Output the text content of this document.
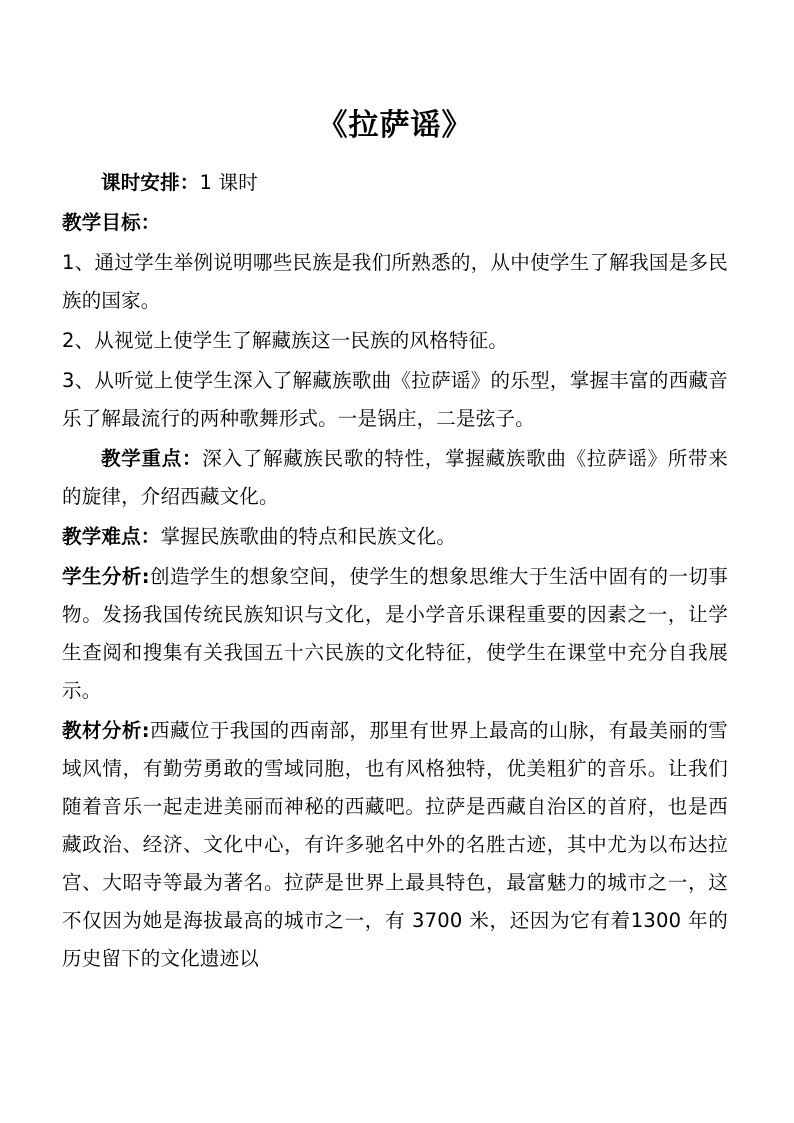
《拉萨谣》

课时安排：1 课时

教学目标：

1、通过学生举例说明哪些民族是我们所熟悉的，从中使学生了解我国是多民族的国家。

2、从视觉上使学生了解藏族这一民族的风格特征。

3、从听觉上使学生深入了解藏族歌曲《拉萨谣》的乐型，掌握丰富的西藏音乐了解最流行的两种歌舞形式。一是锅庄，二是弦子。

教学重点：深入了解藏族民歌的特性，掌握藏族歌曲《拉萨谣》所带来的旋律，介绍西藏文化。

教学难点：掌握民族歌曲的特点和民族文化。

学生分析:创造学生的想象空间，使学生的想象思维大于生活中固有的一切事物。发扬我国传统民族知识与文化，是小学音乐课程重要的因素之一，让学生查阅和搜集有关我国五十六民族的文化特征，使学生在课堂中充分自我展示。

教材分析:西藏位于我国的西南部，那里有世界上最高的山脉，有最美丽的雪域风情，有勤劳勇敢的雪域同胞，也有风格独特，优美粗犷的音乐。让我们随着音乐一起走进美丽而神秘的西藏吧。拉萨是西藏自治区的首府，也是西藏政治、经济、文化中心，有许多驰名中外的名胜古迹，其中尤为以布达拉宫、大昭寺等最为著名。拉萨是世界上最具特色，最富魅力的城市之一，这不仅因为她是海拔最高的城市之一，有 3700 米，还因为它有着1300 年的历史留下的文化遗迹以
